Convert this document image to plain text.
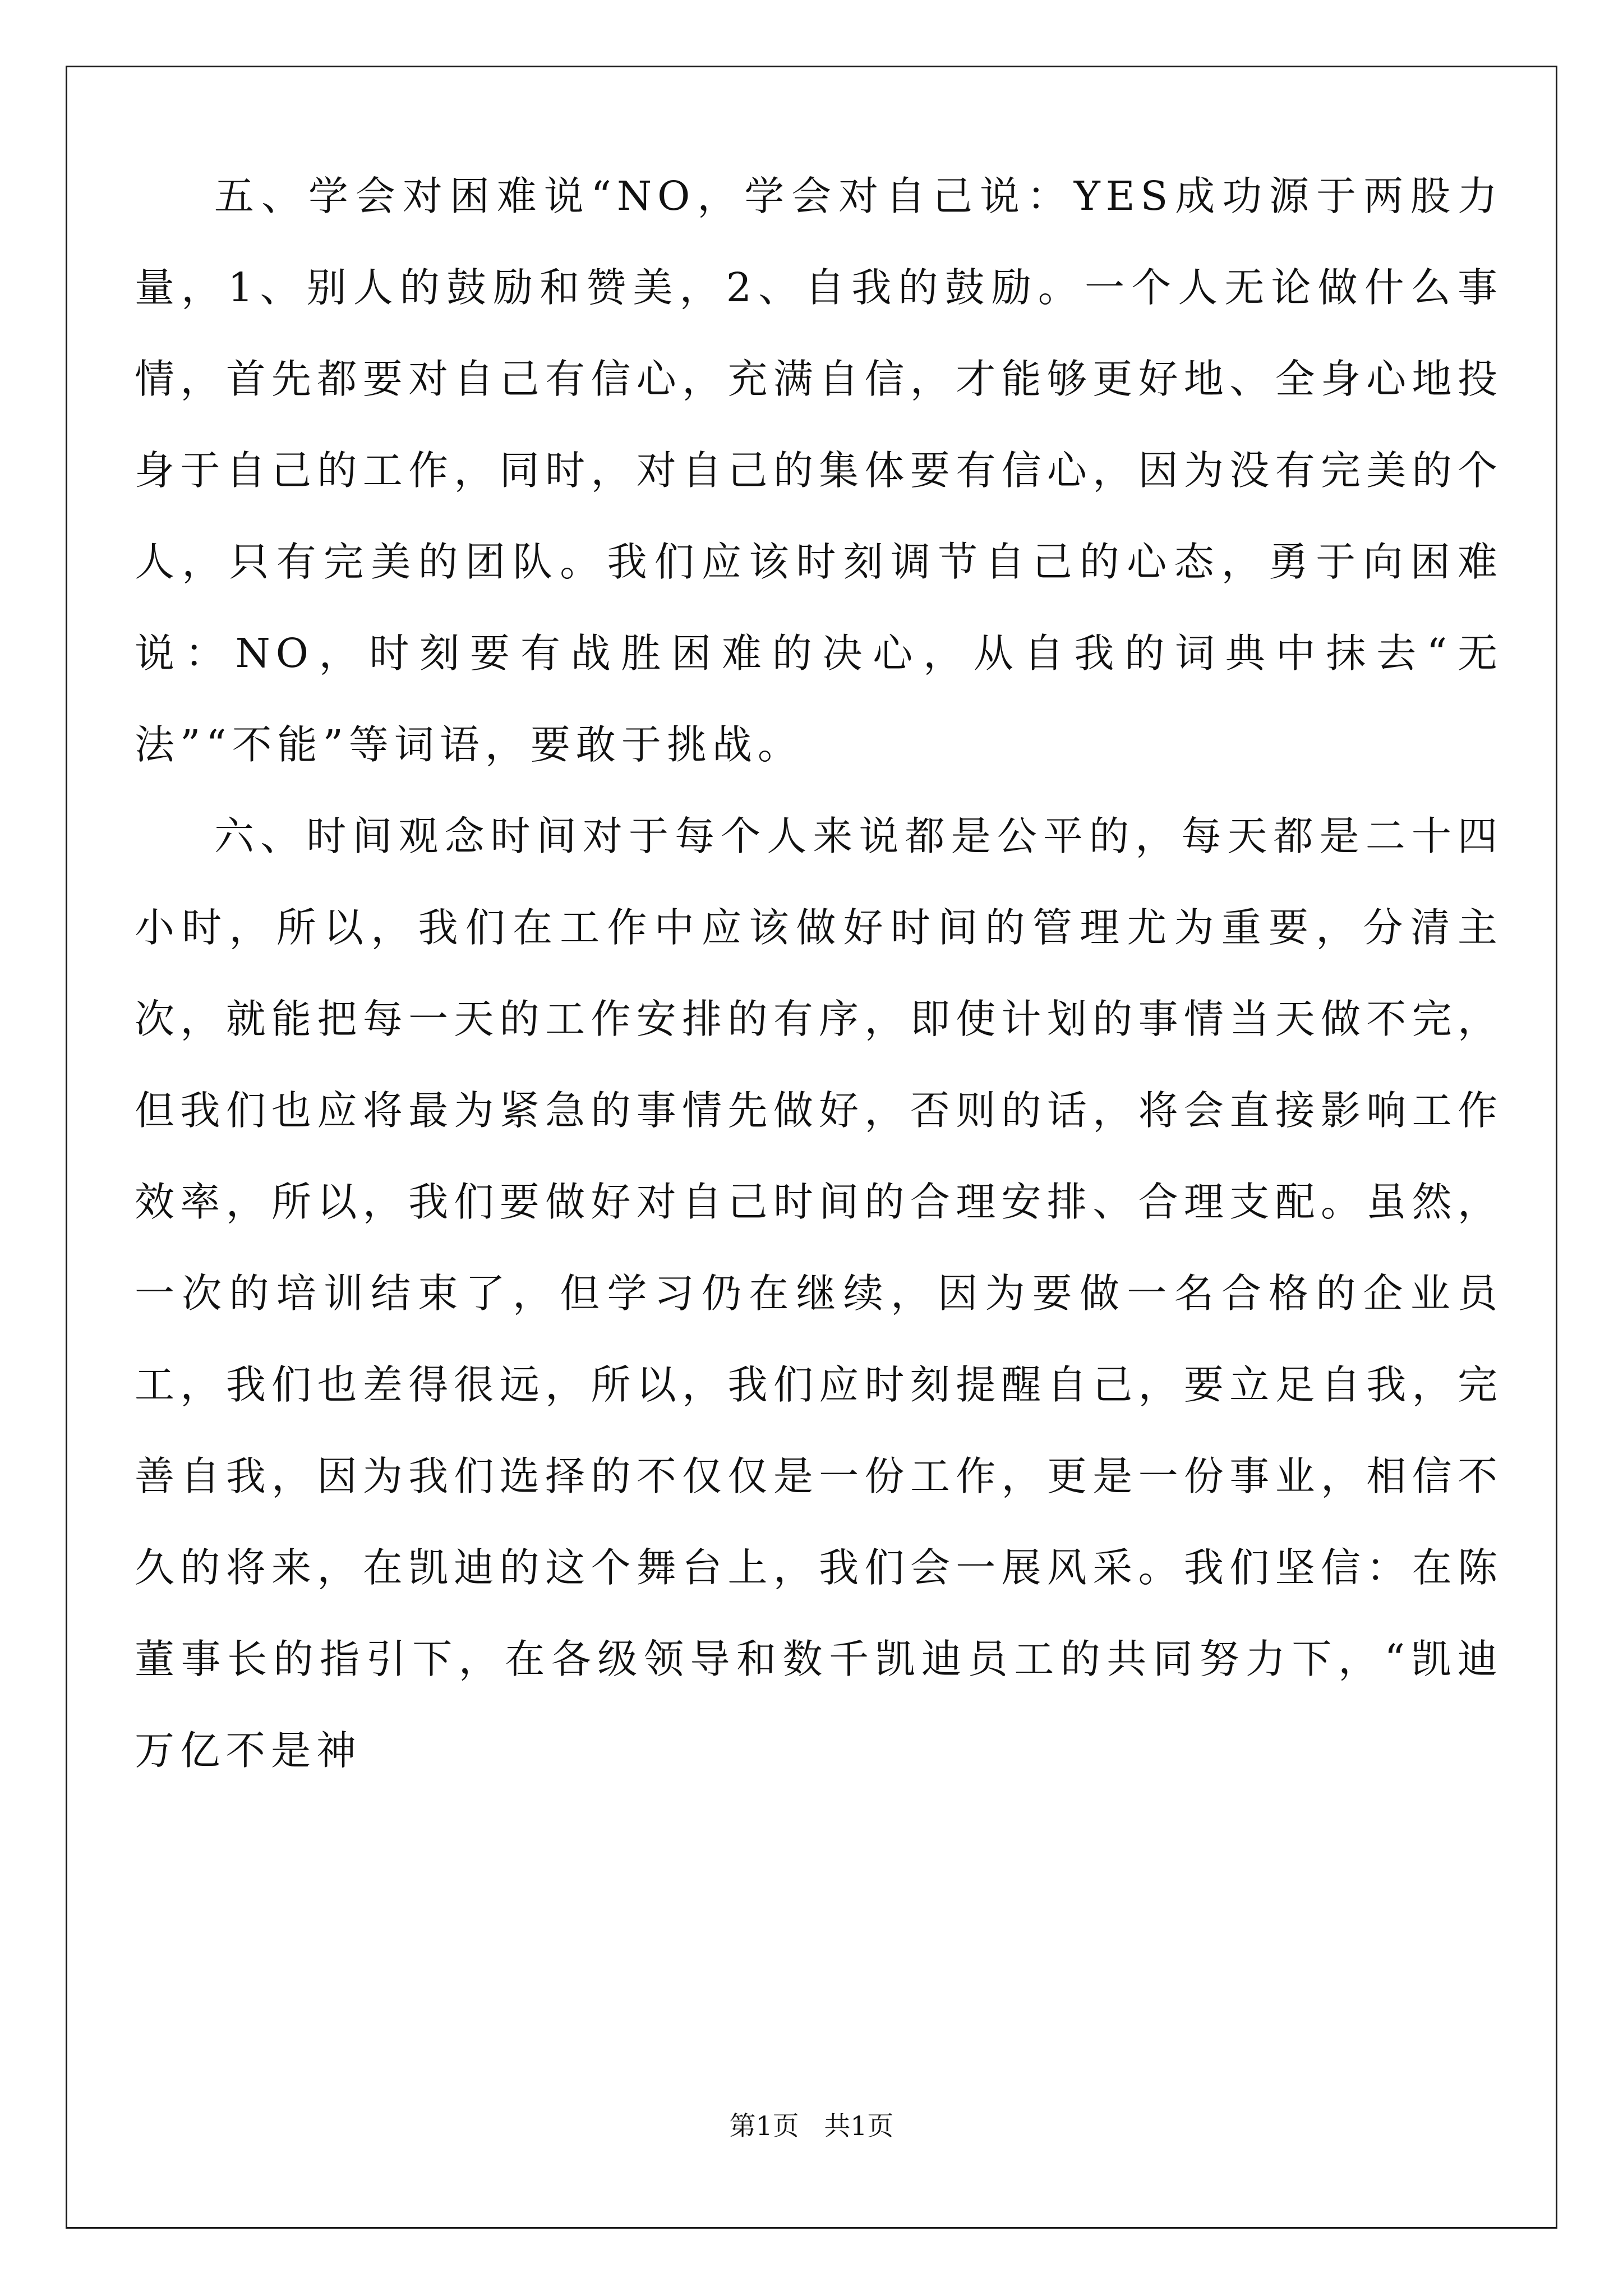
五、学会对困难说“NO，学会对自己说：YES成功源于两股力量，1、别人的鼓励和赞美，2、自我的鼓励。一个人无论做什么事情，首先都要对自己有信心，充满自信，才能够更好地、全身心地投身于自己的工作，同时，对自己的集体要有信心，因为没有完美的个人，只有完美的团队。我们应该时刻调节自己的心态，勇于向困难说：NO，时刻要有战胜困难的决心，从自我的词典中抹去“无法”“不能”等词语，要敢于挑战。

六、时间观念时间对于每个人来说都是公平的，每天都是二十四小时，所以，我们在工作中应该做好时间的管理尤为重要，分清主次，就能把每一天的工作安排的有序，即使计划的事情当天做不完，但我们也应将最为紧急的事情先做好，否则的话，将会直接影响工作效率，所以，我们要做好对自己时间的合理安排、合理支配。虽然，一次的培训结束了，但学习仍在继续，因为要做一名合格的企业员工，我们也差得很远，所以，我们应时刻提醒自己，要立足自我，完善自我，因为我们选择的不仅仅是一份工作，更是一份事业，相信不久的将来，在凯迪的这个舞台上，我们会一展风采。我们坚信：在陈董事长的指引下，在各级领导和数千凯迪员工的共同努力下，“凯迪万亿不是神

第1页 共1页
